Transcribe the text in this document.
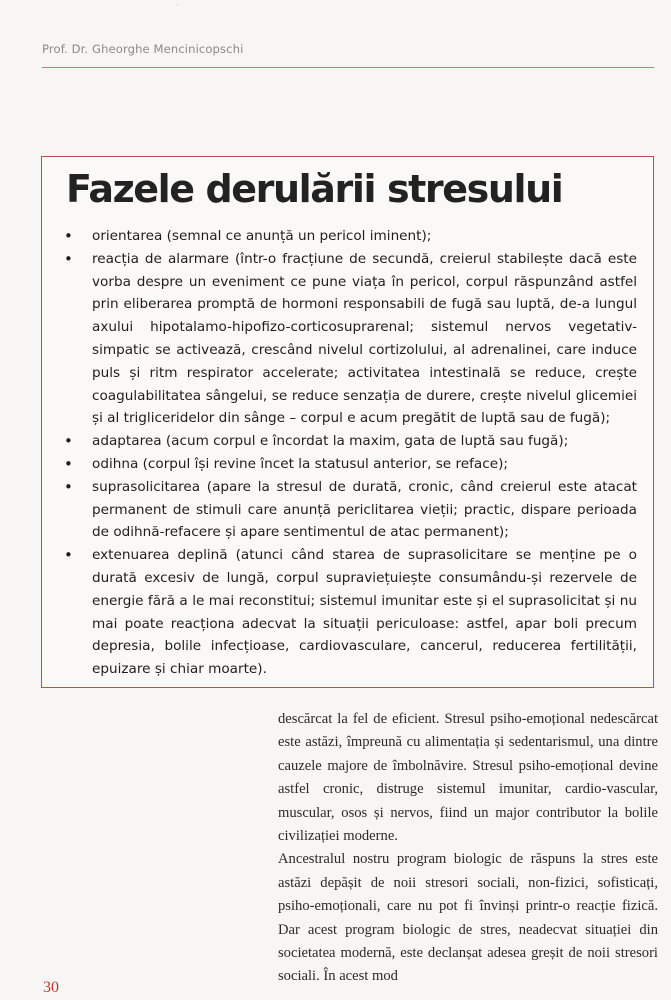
‘
Prof. Dr. Gheorghe Mencinicopschi
Fazele derulării stresului
• orientarea (semnal ce anunță un pericol iminent);
• reacția de alarmare (într-o fracțiune de secundă, creierul stabilește dacă este vorba despre un eveniment ce pune viața în pericol, corpul răspunzând astfel prin eliberarea promptă de hormoni responsabili de fugă sau luptă, de-a lungul axului hipotalamo-hipofizo-corticosuprarenal; sistemul nervos vegetativ-simpatic se activează, crescând nivelul cortizolului, al adrenalinei, care induce puls și ritm respirator accelerate; activitatea intestinală se reduce, crește coagulabilitatea sângelui, se reduce senzația de durere, crește nivelul glicemiei și al trigliceridelor din sânge – corpul e acum pregătit de luptă sau de fugă);
• adaptarea (acum corpul e încordat la maxim, gata de luptă sau fugă);
• odihna (corpul își revine încet la statusul anterior, se reface);
• suprasolicitarea (apare la stresul de durată, cronic, când creierul este atacat permanent de stimuli care anunță periclitarea vieții; practic, dispare perioada de odihnă-refacere și apare sentimentul de atac permanent);
• extenuarea deplină (atunci când starea de suprasolicitare se menține pe o durată excesiv de lungă, corpul supraviețuiește consumându-și rezervele de energie fără a le mai reconstitui; sistemul imunitar este și el suprasolicitat și nu mai poate reacționa adecvat la situații periculoase: astfel, apar boli precum depresia, bolile infecțioase, cardiovasculare, cancerul, reducerea fertilității, epuizare și chiar moarte).

descărcat la fel de eficient. Stresul psiho-emoțional nedescărcat este astăzi, împreună cu alimentația și sedentarismul, una dintre cauzele majore de îmbolnăvire. Stresul psiho-emoțional devine astfel cronic, distruge sistemul imunitar, cardio-vascular, muscular, osos și nervos, fiind un major contributor la bolile civilizației moderne.

Ancestralul nostru program biologic de răspuns la stres este astăzi depășit de noii stresori sociali, non-fizici, sofisticați, psiho-emoționali, care nu pot fi învinși printr-o reacție fizică. Dar acest program biologic de stres, neadecvat situației din societatea modernă, este declanșat adesea greșit de noii stresori sociali. În acest mod

30
